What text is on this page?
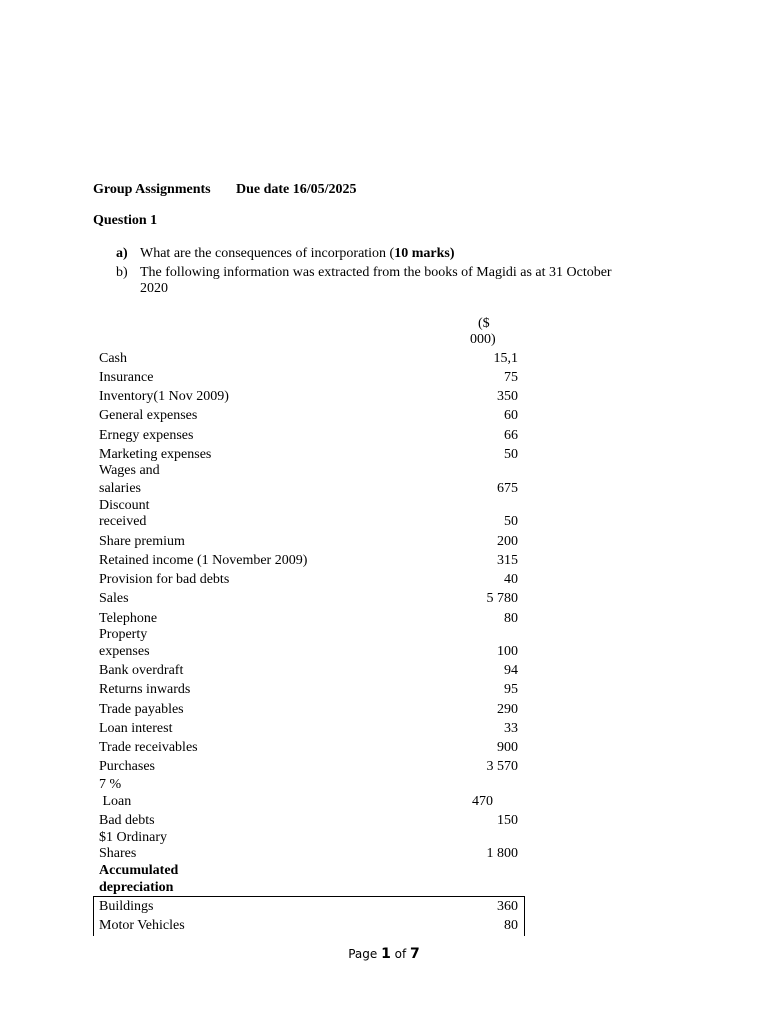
Group Assignments Due date 16/05/2025
Question 1
a) What are the consequences of incorporation (10 marks)
b) The following information was extracted from the books of Magidi as at 31 October
2020
($
000)
Cash	15,1
Insurance	75
Inventory(1 Nov 2009)	350
General expenses	60
Ernegy expenses	66
Marketing expenses	50
Wages and
salaries	675
Discount
received	50
Share premium	200
Retained income (1 November 2009)	315
Provision for bad debts	40
Sales	5 780
Telephone	80
Property
expenses	100
Bank overdraft	94
Returns inwards	95
Trade payables	290
Loan interest	33
Trade receivables	900
Purchases	3 570
7 %
Loan	470
Bad debts	150
$1 Ordinary
Shares	1 800
Accumulated
depreciation
Buildings	360
Motor Vehicles	80
Page 1 of 7
